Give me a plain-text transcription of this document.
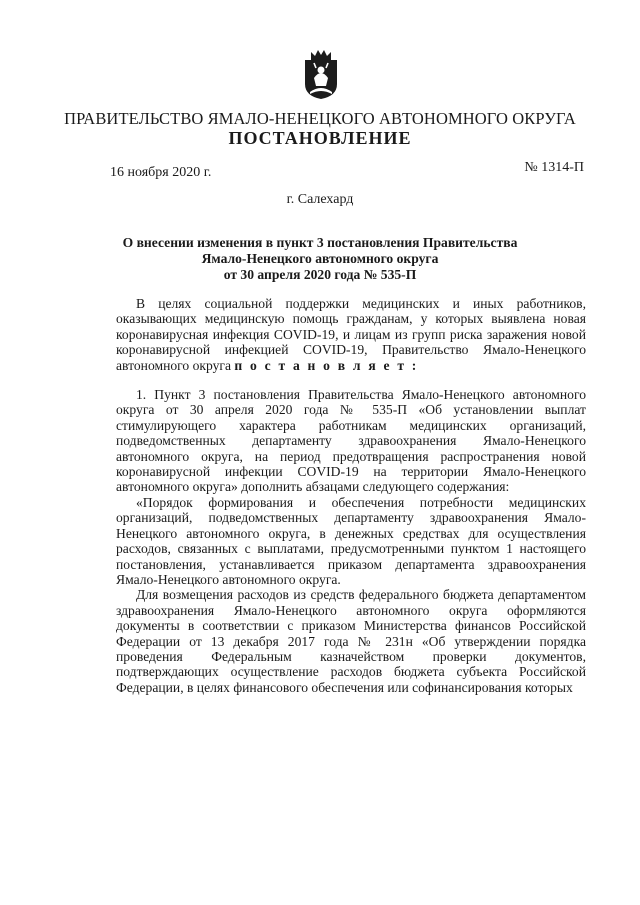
ПРАВИТЕЛЬСТВО ЯМАЛО-НЕНЕЦКОГО АВТОНОМНОГО ОКРУГА
ПОСТАНОВЛЕНИЕ
16 ноября 2020 г.	№ 1314-П
г. Салехард
О внесении изменения в пункт 3 постановления Правительства
Ямало-Ненецкого автономного округа
от 30 апреля 2020 года № 535-П

В целях социальной поддержки медицинских и иных работников, оказывающих медицинскую помощь гражданам, у которых выявлена новая коронавирусная инфекция COVID-19, и лицам из групп риска заражения новой коронавирусной инфекцией COVID-19, Правительство Ямало-Ненецкого автономного округа п о с т а н о в л я е т :

1. Пункт 3 постановления Правительства Ямало-Ненецкого автономного округа от 30 апреля 2020 года № 535-П «Об установлении выплат стимулирующего характера работникам медицинских организаций, подведомственных департаменту здравоохранения Ямало-Ненецкого автономного округа, на период предотвращения распространения новой коронавирусной инфекции COVID-19 на территории Ямало-Ненецкого автономного округа» дополнить абзацами следующего содержания:

«Порядок формирования и обеспечения потребности медицинских организаций, подведомственных департаменту здравоохранения Ямало-Ненецкого автономного округа, в денежных средствах для осуществления расходов, связанных с выплатами, предусмотренными пунктом 1 настоящего постановления, устанавливается приказом департамента здравоохранения Ямало-Ненецкого автономного округа.

Для возмещения расходов из средств федерального бюджета департаментом здравоохранения Ямало-Ненецкого автономного округа оформляются документы в соответствии с приказом Министерства финансов Российской Федерации от 13 декабря 2017 года № 231н «Об утверждении порядка проведения Федеральным казначейством проверки документов, подтверждающих осуществление расходов бюджета субъекта Российской Федерации, в целях финансового обеспечения или софинансирования которых
